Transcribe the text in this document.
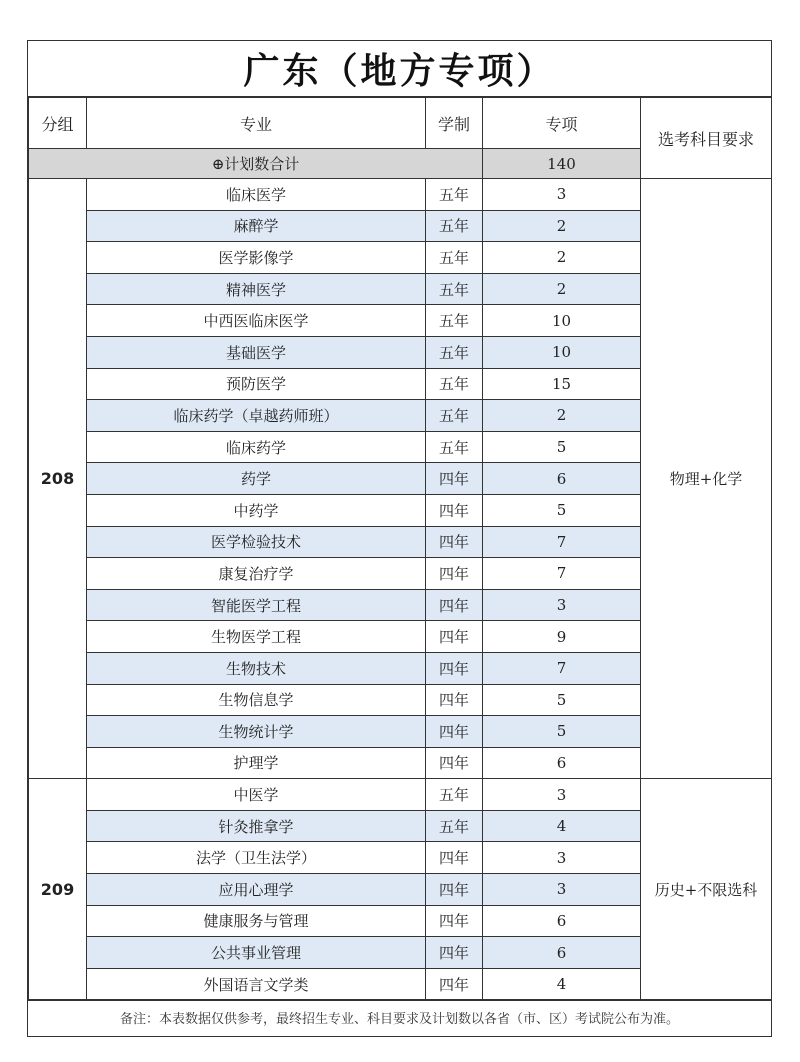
广东（地方专项）
分组	专业	学制	专项	选考科目要求
⊕计划数合计			140	
208	临床医学	五年	3	物理+化学
	麻醉学	五年	2	
	医学影像学	五年	2	
	精神医学	五年	2	
	中西医临床医学	五年	10	
	基础医学	五年	10	
	预防医学	五年	15	
	临床药学（卓越药师班）	五年	2	
	临床药学	五年	5	
	药学	四年	6	
	中药学	四年	5	
	医学检验技术	四年	7	
	康复治疗学	四年	7	
	智能医学工程	四年	3	
	生物医学工程	四年	9	
	生物技术	四年	7	
	生物信息学	四年	5	
	生物统计学	四年	5	
	护理学	四年	6	
209	中医学	五年	3	历史+不限选科
	针灸推拿学	五年	4	
	法学（卫生法学）	四年	3	
	应用心理学	四年	3	
	健康服务与管理	四年	6	
	公共事业管理	四年	6	
	外国语言文学类	四年	4	
备注：本表数据仅供参考，最终招生专业、科目要求及计划数以各省（市、区）考试院公布为准。
